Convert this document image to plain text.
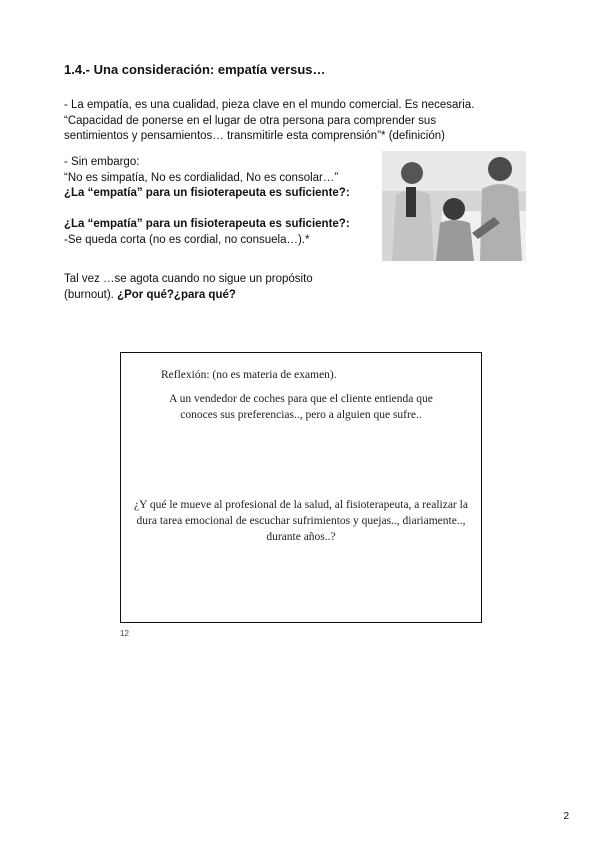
1.4.- Una consideración: empatía versus…

- La empatía, es una cualidad, pieza clave en el mundo comercial. Es necesaria.

“Capacidad de ponerse en el lugar de otra persona para comprender sus

sentimientos y pensamientos… transmitirle esta comprensión”* (definición)

- Sin embargo:

“No es simpatía, No es cordialidad, No es consolar…”

¿La “empatía” para un fisioterapeuta es suficiente?:

¿La “empatía” para un fisioterapeuta es suficiente?:

-Se queda corta (no es cordial, no consuela…).*

Tal vez …se agota cuando no sigue un propósito

(burnout). ¿Por qué?¿para qué?

Reflexión: (no es materia de examen).

A un vendedor de coches para que el cliente entienda que conoces sus preferencias.., pero a alguien que sufre..

¿Y qué le mueve al profesional de la salud, al fisioterapeuta, a realizar la dura tarea emocional de escuchar sufrimientos y quejas.., diariamente.., durante años..?

12
2
